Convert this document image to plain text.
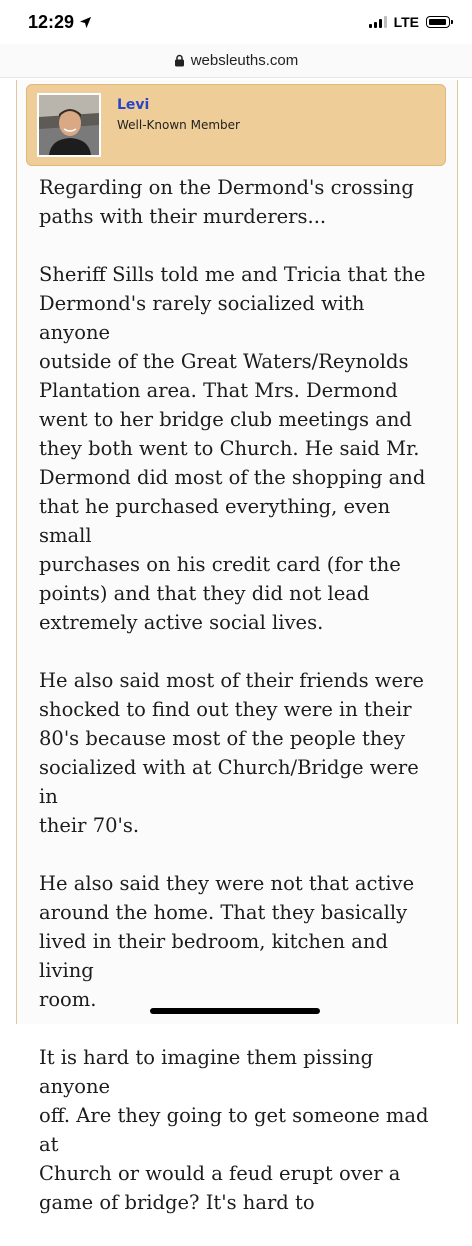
12:29	LTE
websleuths.com
Levi
Well-Known Member

Regarding on the Dermond's crossing
paths with their murderers...

Sheriff Sills told me and Tricia that the
Dermond's rarely socialized with anyone
outside of the Great Waters/Reynolds
Plantation area. That Mrs. Dermond
went to her bridge club meetings and
they both went to Church. He said Mr.
Dermond did most of the shopping and
that he purchased everything, even small
purchases on his credit card (for the
points) and that they did not lead
extremely active social lives.

He also said most of their friends were
shocked to find out they were in their
80's because most of the people they
socialized with at Church/Bridge were in
their 70's.

He also said they were not that active
around the home. That they basically
lived in their bedroom, kitchen and living
room.

It is hard to imagine them pissing anyone
off. Are they going to get someone mad at
Church or would a feud erupt over a
game of bridge? It's hard to
